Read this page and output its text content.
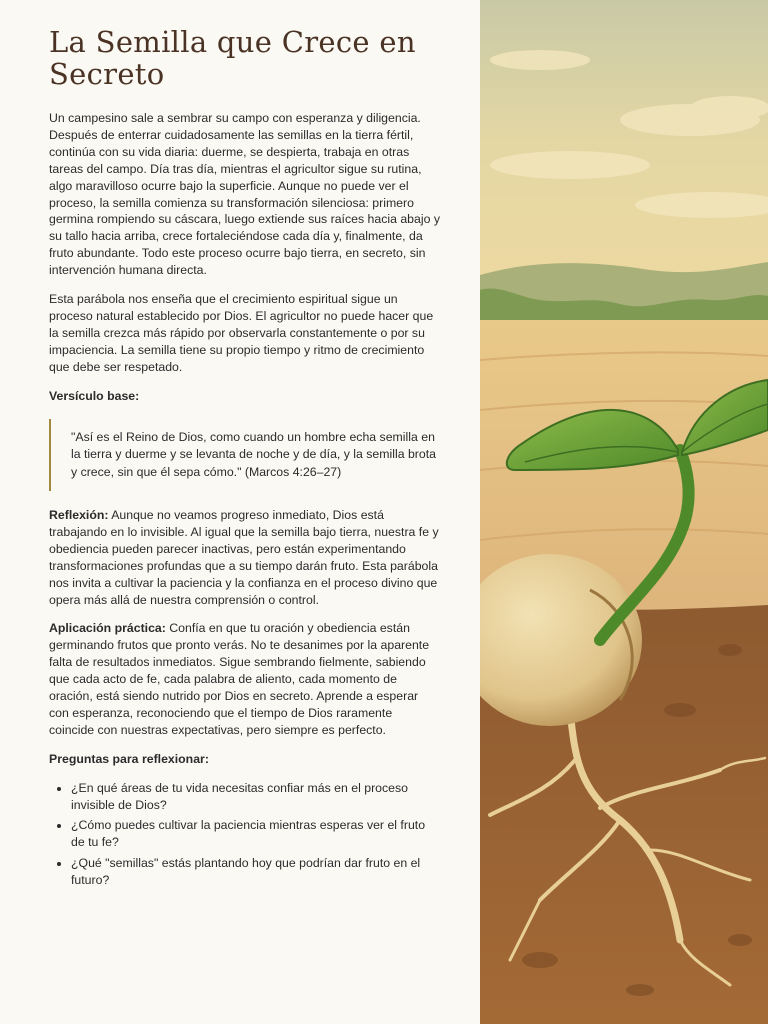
La Semilla que Crece en Secreto

Un campesino sale a sembrar su campo con esperanza y diligencia. Después de enterrar cuidadosamente las semillas en la tierra fértil, continúa con su vida diaria: duerme, se despierta, trabaja en otras tareas del campo. Día tras día, mientras el agricultor sigue su rutina, algo maravilloso ocurre bajo la superficie. Aunque no puede ver el proceso, la semilla comienza su transformación silenciosa: primero germina rompiendo su cáscara, luego extiende sus raíces hacia abajo y su tallo hacia arriba, crece fortaleciéndose cada día y, finalmente, da fruto abundante. Todo este proceso ocurre bajo tierra, en secreto, sin intervención humana directa.

Esta parábola nos enseña que el crecimiento espiritual sigue un proceso natural establecido por Dios. El agricultor no puede hacer que la semilla crezca más rápido por observarla constantemente o por su impaciencia. La semilla tiene su propio tiempo y ritmo de crecimiento que debe ser respetado.

Versículo base:

"Así es el Reino de Dios, como cuando un hombre echa semilla en la tierra y duerme y se levanta de noche y de día, y la semilla brota y crece, sin que él sepa cómo." (Marcos 4:26–27)

Reflexión: Aunque no veamos progreso inmediato, Dios está trabajando en lo invisible. Al igual que la semilla bajo tierra, nuestra fe y obediencia pueden parecer inactivas, pero están experimentando transformaciones profundas que a su tiempo darán fruto. Esta parábola nos invita a cultivar la paciencia y la confianza en el proceso divino que opera más allá de nuestra comprensión o control.

Aplicación práctica: Confía en que tu oración y obediencia están germinando frutos que pronto verás. No te desanimes por la aparente falta de resultados inmediatos. Sigue sembrando fielmente, sabiendo que cada acto de fe, cada palabra de aliento, cada momento de oración, está siendo nutrido por Dios en secreto. Aprende a esperar con esperanza, reconociendo que el tiempo de Dios raramente coincide con nuestras expectativas, pero siempre es perfecto.

Preguntas para reflexionar:

• ¿En qué áreas de tu vida necesitas confiar más en el proceso invisible de Dios?
• ¿Cómo puedes cultivar la paciencia mientras esperas ver el fruto de tu fe?
• ¿Qué "semillas" estás plantando hoy que podrían dar fruto en el futuro?
